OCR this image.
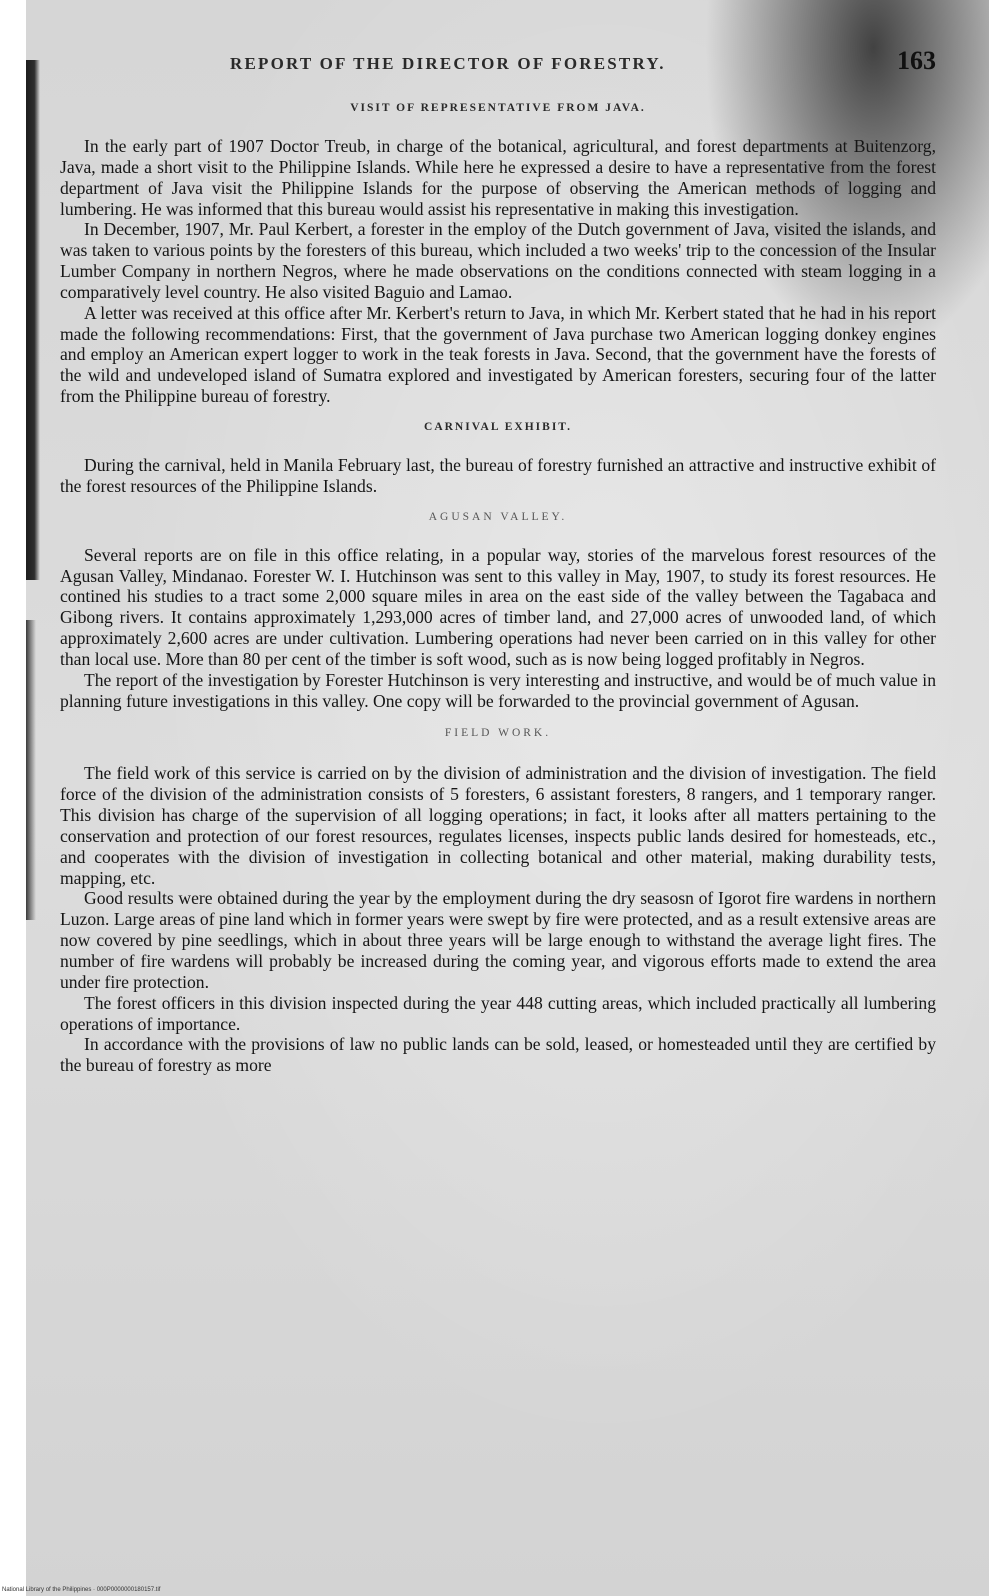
REPORT OF THE DIRECTOR OF FORESTRY.	163

VISIT OF REPRESENTATIVE FROM JAVA.

In the early part of 1907 Doctor Treub, in charge of the botanical, agricultural, and forest departments at Buitenzorg, Java, made a short visit to the Philippine Islands. While here he expressed a desire to have a representative from the forest department of Java visit the Philippine Islands for the purpose of observing the American methods of logging and lumbering. He was informed that this bureau would assist his representative in making this investigation.

In December, 1907, Mr. Paul Kerbert, a forester in the employ of the Dutch government of Java, visited the islands, and was taken to various points by the foresters of this bureau, which included a two weeks' trip to the concession of the Insular Lumber Company in northern Negros, where he made observations on the conditions connected with steam logging in a comparatively level country. He also visited Baguio and Lamao.

A letter was received at this office after Mr. Kerbert's return to Java, in which Mr. Kerbert stated that he had in his report made the following recommendations: First, that the government of Java purchase two American logging donkey engines and employ an American expert logger to work in the teak forests in Java. Second, that the government have the forests of the wild and undeveloped island of Sumatra explored and investigated by American foresters, securing four of the latter from the Philippine bureau of forestry.

CARNIVAL EXHIBIT.

During the carnival, held in Manila February last, the bureau of forestry furnished an attractive and instructive exhibit of the forest resources of the Philippine Islands.

AGUSAN VALLEY.

Several reports are on file in this office relating, in a popular way, stories of the marvelous forest resources of the Agusan Valley, Mindanao. Forester W. I. Hutchinson was sent to this valley in May, 1907, to study its forest resources. He contined his studies to a tract some 2,000 square miles in area on the east side of the valley between the Tagabaca and Gibong rivers. It contains approximately 1,293,000 acres of timber land, and 27,000 acres of unwooded land, of which approximately 2,600 acres are under cultivation. Lumbering operations had never been carried on in this valley for other than local use. More than 80 per cent of the timber is soft wood, such as is now being logged profitably in Negros.

The report of the investigation by Forester Hutchinson is very interesting and instructive, and would be of much value in planning future investigations in this valley. One copy will be forwarded to the provincial government of Agusan.

FIELD WORK.

The field work of this service is carried on by the division of administration and the division of investigation. The field force of the division of the administration consists of 5 foresters, 6 assistant foresters, 8 rangers, and 1 temporary ranger. This division has charge of the supervision of all logging operations; in fact, it looks after all matters pertaining to the conservation and protection of our forest resources, regulates licenses, inspects public lands desired for homesteads, etc., and cooperates with the division of investigation in collecting botanical and other material, making durability tests, mapping, etc.

Good results were obtained during the year by the employment during the dry seasosn of Igorot fire wardens in northern Luzon. Large areas of pine land which in former years were swept by fire were protected, and as a result extensive areas are now covered by pine seedlings, which in about three years will be large enough to withstand the average light fires. The number of fire wardens will probably be increased during the coming year, and vigorous efforts made to extend the area under fire protection.

The forest officers in this division inspected during the year 448 cutting areas, which included practically all lumbering operations of importance.

In accordance with the provisions of law no public lands can be sold, leased, or homesteaded until they are certified by the bureau of forestry as more

National Library of the Philippines · 000P0000000180157.tif
